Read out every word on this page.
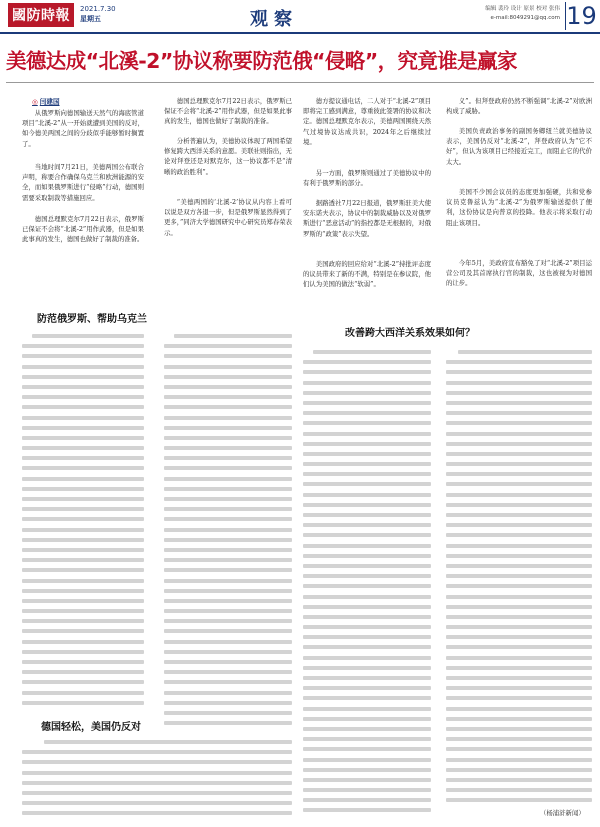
國防時報 2021.7.30
星期五	观察	编辑 裴玲 设计 原景 校对 张伟
e-mail:8049291@qq.com 19
美德达成“北溪-2”协议称要防范俄“侵略”，究竟谁是赢家
◎ 闫建国
从俄罗斯向德国输送天然气的海底管道项目“北溪-2”从一开始就遭到美国的反对，如今德美两国之间的分歧似乎能够暂时搁置了。
当地时间7月21日，美德两国公布联合声明，称要合作确保乌克兰和欧洲能源的安全，而如果俄罗斯进行“侵略”行动，德国则需要采取制裁等措施回应。
德国总理默克尔7月22日表示，俄罗斯已保证不会将“北溪-2”用作武器，但是如果此事真的发生，德国也做好了制裁的准备。
德国总理默克尔7月22日表示，俄罗斯已保证不会将“北溪-2”用作武器，但是如果此事真的发生，德国也做好了制裁的准备。
分析普遍认为，美德协议体现了两国希望修复跨大西洋关系的意愿。美联社则指出，无论对拜登还是对默克尔，这一协议都不是“清晰的政治胜利”。
“美德两国的‘北溪-2’协议从内容上看可以说是双方各退一步，但是俄罗斯显然得到了更多，”同济大学德国研究中心研究员郑春荣表示。
德方提议通电话，二人对于“北溪-2”项目即将完工感到满意，尊重彼此签署的协议和决定。德国总理默克尔表示，美德两国围绕天然气过境协议达成共识，2024年之后继续过境。
另一方面，俄罗斯则通过了美德协议中的有利于俄罗斯的部分。
据路透社7月22日报道，俄罗斯驻美大使安东诺夫表示，协议中的制裁威胁以及对俄罗斯进行“恶意活动”的指控都是无根据的，对俄罗斯的“政策”表示失望。
美国政府的回应给对“北溪-2”持批评态度的议员带来了新的不满，特别是在参议院，他们认为美国的做法“软弱”。
义”。但拜登政府仍然不断强调“北溪-2”对欧洲构成了威胁。
美国负责政治事务的副国务卿纽兰就美德协议表示，美国仍反对“北溪-2”，拜登政府认为“它不好”，但认为该项目已经接近完工，而阻止它的代价太大。
美国不少国会议员的态度更加强硬，共和党参议员克鲁兹认为“北溪-2”为俄罗斯输送提供了便利，这份协议是向普京的投降。他表示将采取行动阻止该项目。
今年5月，美政府宣布豁免了对“北溪-2”项目运营公司及其首席执行官的制裁，这也被视为对德国的让步。
防范俄罗斯、帮助乌克兰
改善跨大西洋关系效果如何？
德国轻松，美国仍反对
（杨浦浒新闻）
